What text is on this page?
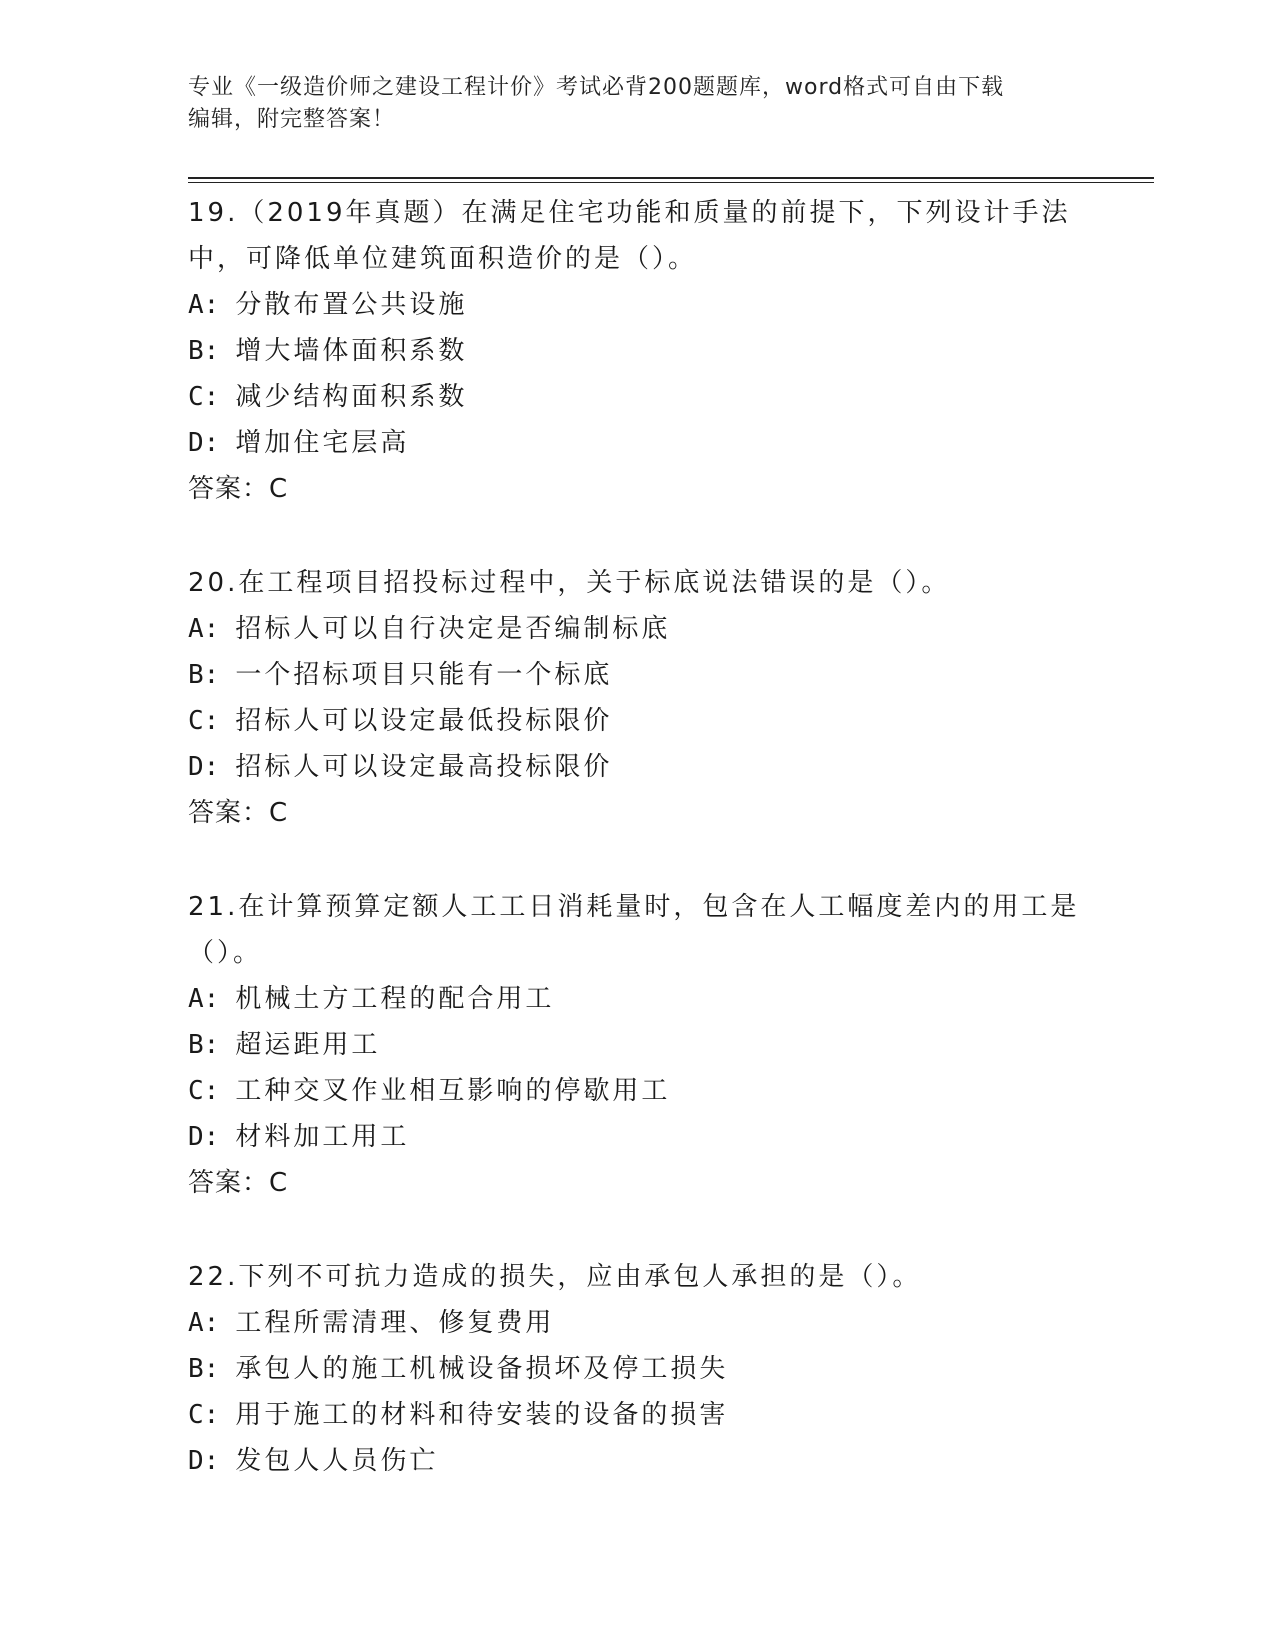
专业《一级造价师之建设工程计价》考试必背200题题库，word格式可自由下载
编辑，附完整答案！

19.（2019年真题）在满足住宅功能和质量的前提下，下列设计手法中，可降低单位建筑面积造价的是（）。

A: 分散布置公共设施

B: 增大墙体面积系数

C: 减少结构面积系数

D: 增加住宅层高

答案：C

20.在工程项目招投标过程中，关于标底说法错误的是（）。

A: 招标人可以自行决定是否编制标底

B: 一个招标项目只能有一个标底

C: 招标人可以设定最低投标限价

D: 招标人可以设定最高投标限价

答案：C

21.在计算预算定额人工工日消耗量时，包含在人工幅度差内的用工是（）。

A: 机械土方工程的配合用工

B: 超运距用工

C: 工种交叉作业相互影响的停歇用工

D: 材料加工用工

答案：C

22.下列不可抗力造成的损失，应由承包人承担的是（）。

A: 工程所需清理、修复费用

B: 承包人的施工机械设备损坏及停工损失

C: 用于施工的材料和待安装的设备的损害

D: 发包人人员伤亡
